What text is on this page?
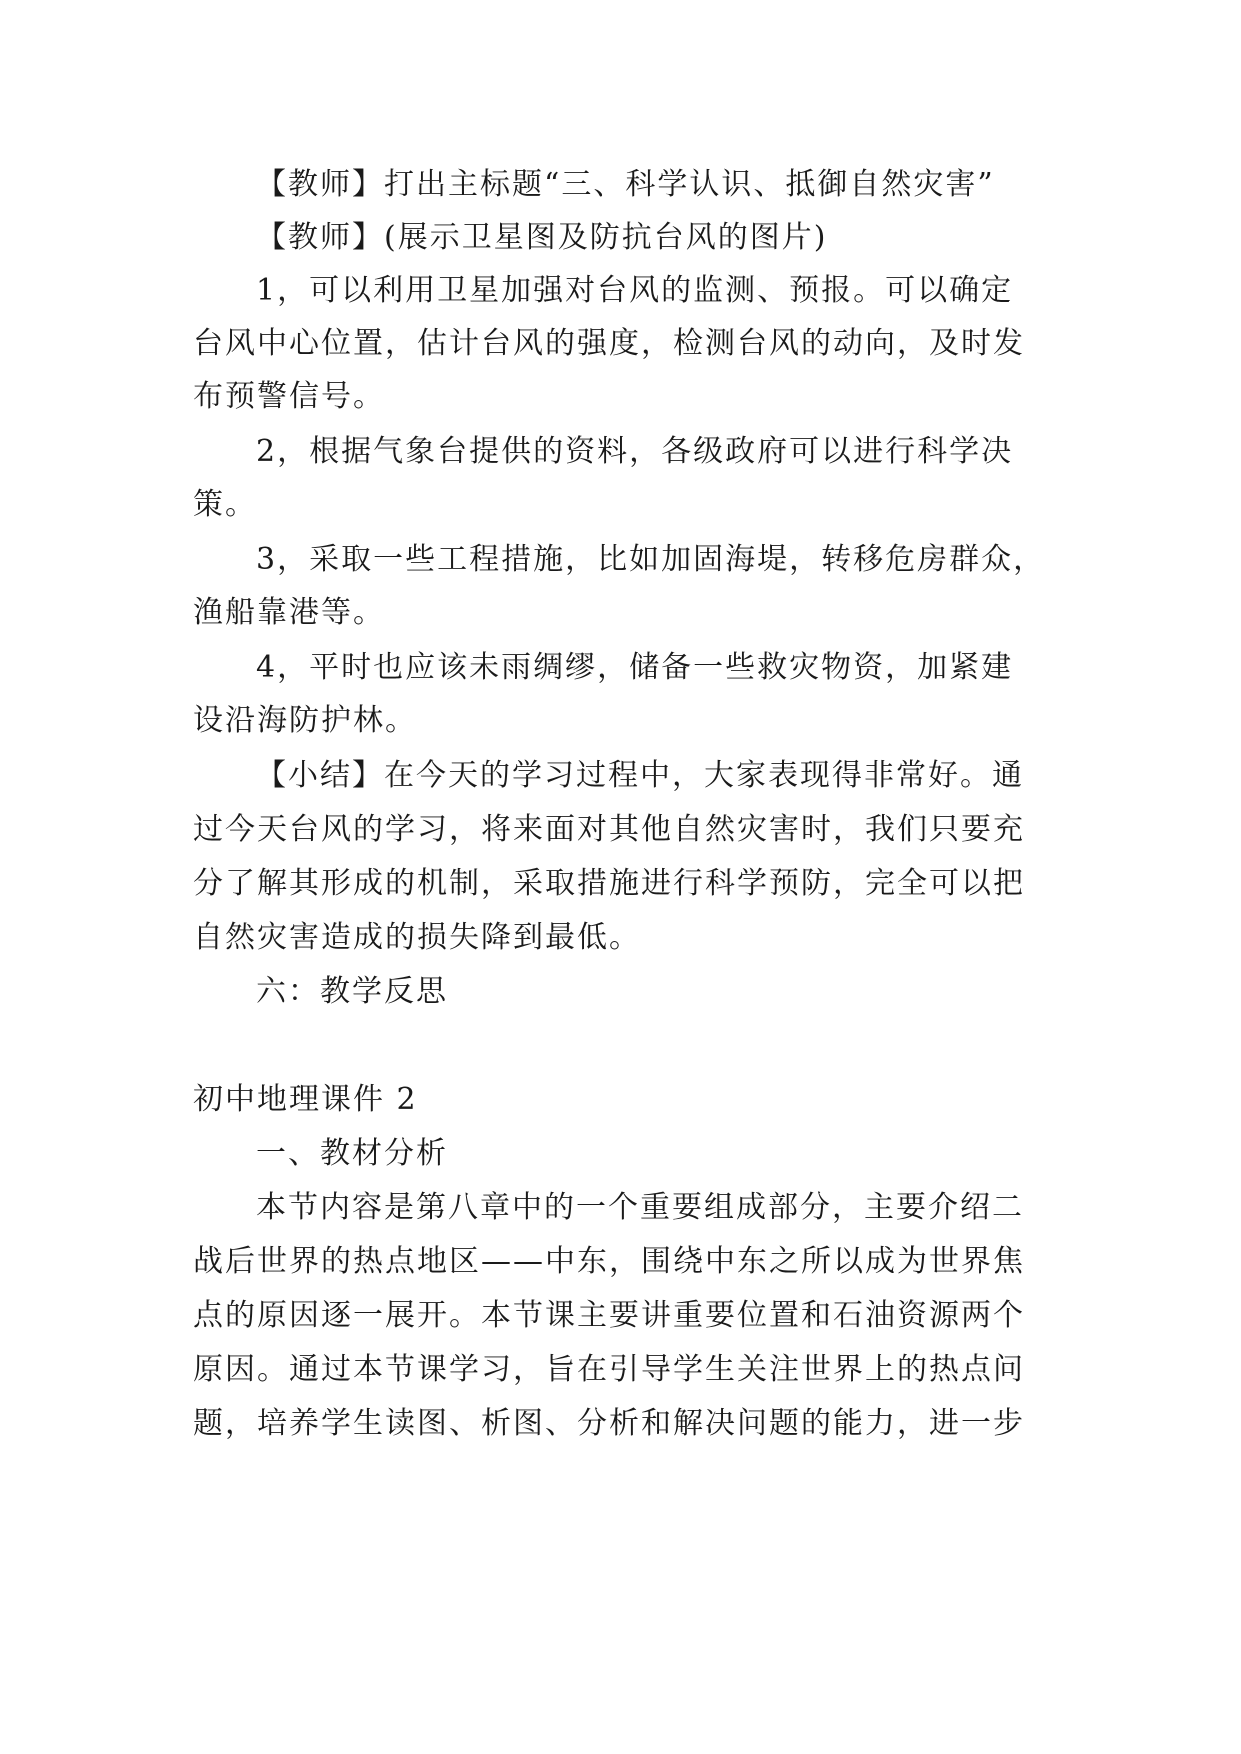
【教师】打出主标题“三、科学认识、抵御自然灾害”
【教师】(展示卫星图及防抗台风的图片)
1，可以利用卫星加强对台风的监测、预报。可以确定
台风中心位置，估计台风的强度，检测台风的动向，及时发
布预警信号。
2，根据气象台提供的资料，各级政府可以进行科学决
策。
3，采取一些工程措施，比如加固海堤，转移危房群众，
渔船靠港等。
4，平时也应该未雨绸缪，储备一些救灾物资，加紧建
设沿海防护林。
【小结】在今天的学习过程中，大家表现得非常好。通
过今天台风的学习，将来面对其他自然灾害时，我们只要充
分了解其形成的机制，采取措施进行科学预防，完全可以把
自然灾害造成的损失降到最低。
六：教学反思
初中地理课件 2
一、教材分析
本节内容是第八章中的一个重要组成部分，主要介绍二
战后世界的热点地区——中东，围绕中东之所以成为世界焦
点的原因逐一展开。本节课主要讲重要位置和石油资源两个
原因。通过本节课学习，旨在引导学生关注世界上的热点问
题，培养学生读图、析图、分析和解决问题的能力，进一步
